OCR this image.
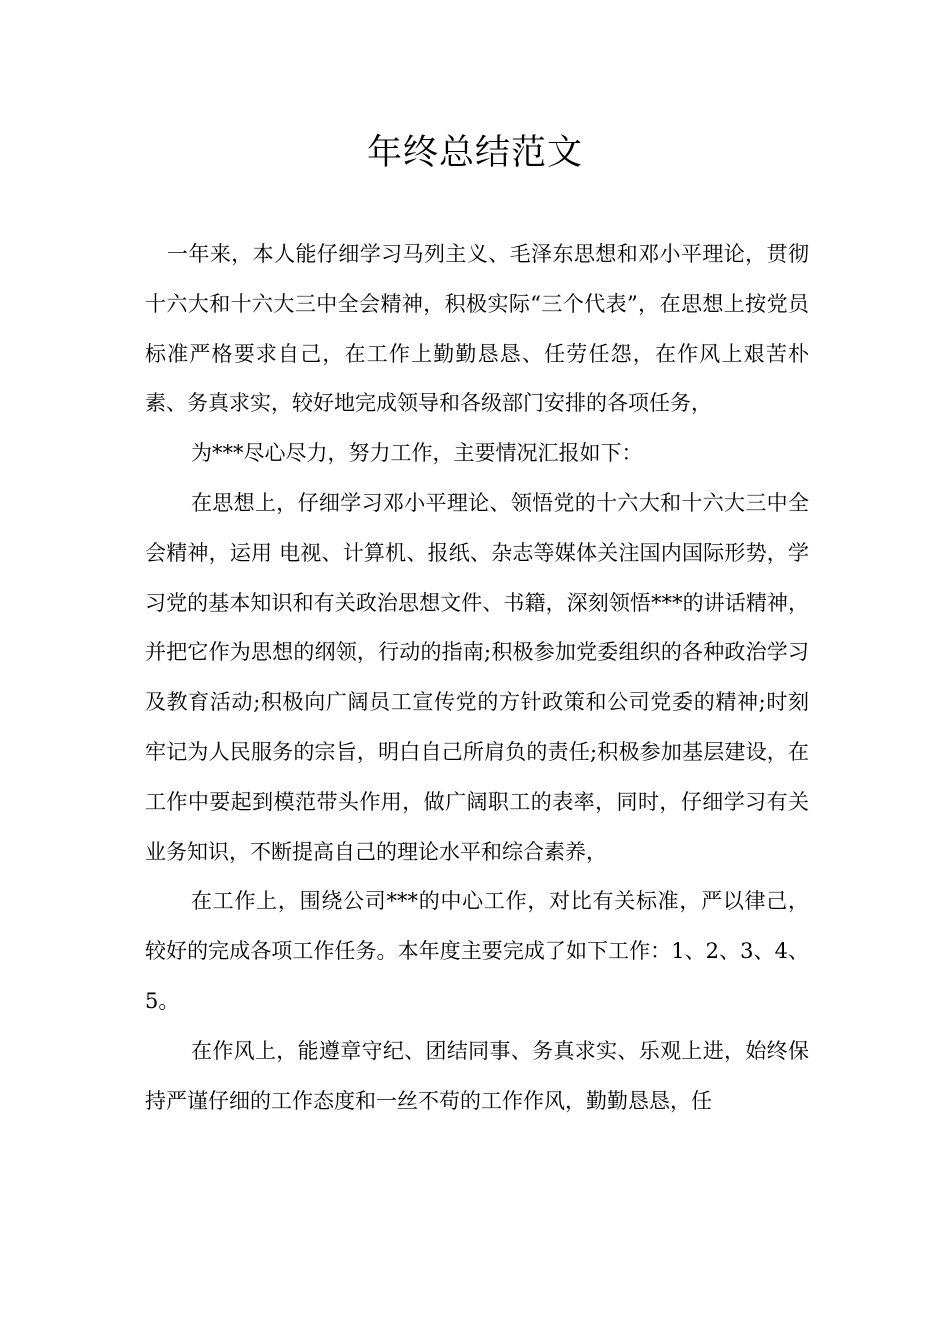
年终总结范文

一年来，本人能仔细学习马列主义、毛泽东思想和邓小平理论，贯彻十六大和十六大三中全会精神，积极实际“三个代表”，在思想上按党员标准严格要求自己，在工作上勤勤恳恳、任劳任怨，在作风上艰苦朴素、务真求实，较好地完成领导和各级部门安排的各项任务，

为***尽心尽力，努力工作，主要情况汇报如下：

在思想上，仔细学习邓小平理论、领悟党的十六大和十六大三中全会精神，运用 电视、计算机、报纸、杂志等媒体关注国内国际形势，学习党的基本知识和有关政治思想文件、书籍，深刻领悟***的讲话精神，并把它作为思想的纲领，行动的指南;积极参加党委组织的各种政治学习及教育活动;积极向广阔员工宣传党的方针政策和公司党委的精神;时刻牢记为人民服务的宗旨，明白自己所肩负的责任;积极参加基层建设，在工作中要起到模范带头作用，做广阔职工的表率，同时，仔细学习有关业务知识，不断提高自己的理论水平和综合素养，

在工作上，围绕公司***的中心工作，对比有关标准，严以律己，较好的完成各项工作任务。本年度主要完成了如下工作：1、2、3、4、5。

在作风上，能遵章守纪、团结同事、务真求实、乐观上进，始终保持严谨仔细的工作态度和一丝不苟的工作作风，勤勤恳恳，任
